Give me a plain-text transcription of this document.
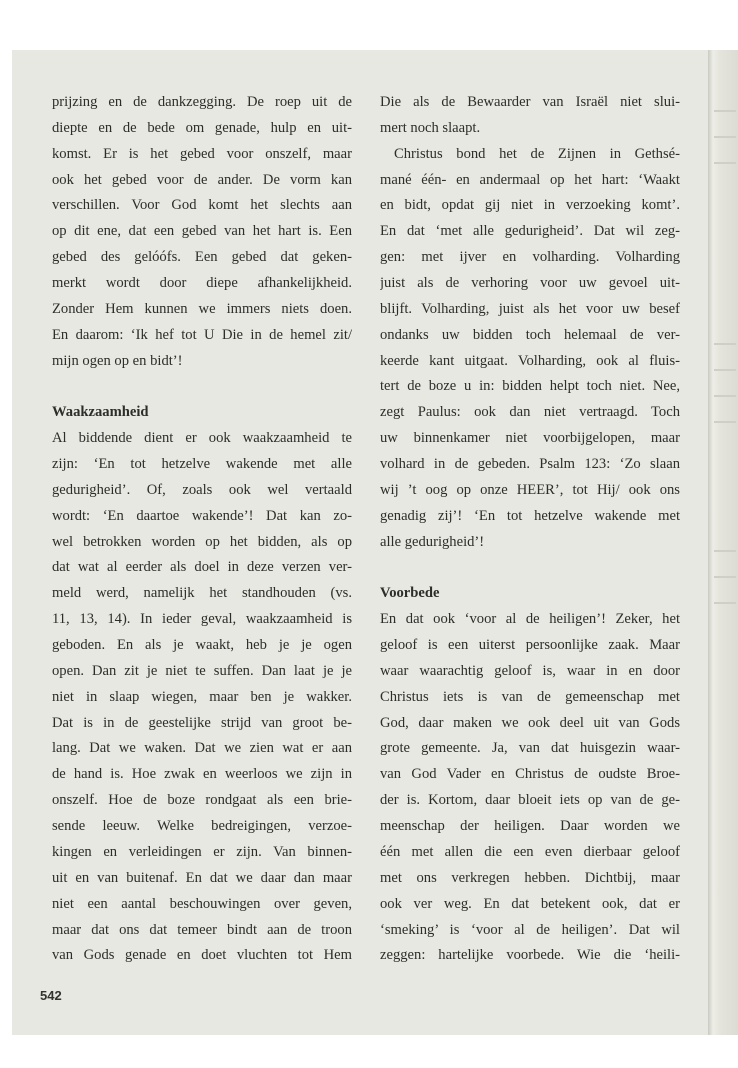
prijzing en de dankzegging. De roep uit de
diepte en de bede om genade, hulp en uit-
komst. Er is het gebed voor onszelf, maar
ook het gebed voor de ander. De vorm kan
verschillen. Voor God komt het slechts aan
op dit ene, dat een gebed van het hart is. Een
gebed des gelóófs. Een gebed dat geken-
merkt wordt door diepe afhankelijkheid.
Zonder Hem kunnen we immers niets doen.
En daarom: ‘Ik hef tot U Die in de hemel zit/
mijn ogen op en bidt’!
Waakzaamheid
Al biddende dient er ook waakzaamheid te
zijn: ‘En tot hetzelve wakende met alle
gedurigheid’. Of, zoals ook wel vertaald
wordt: ‘En daartoe wakende’! Dat kan zo-
wel betrokken worden op het bidden, als op
dat wat al eerder als doel in deze verzen ver-
meld werd, namelijk het standhouden (vs.
11, 13, 14). In ieder geval, waakzaamheid is
geboden. En als je waakt, heb je je ogen
open. Dan zit je niet te suffen. Dan laat je je
niet in slaap wiegen, maar ben je wakker.
Dat is in de geestelijke strijd van groot be-
lang. Dat we waken. Dat we zien wat er aan
de hand is. Hoe zwak en weerloos we zijn in
onszelf. Hoe de boze rondgaat als een brie-
sende leeuw. Welke bedreigingen, verzoe-
kingen en verleidingen er zijn. Van binnen-
uit en van buitenaf. En dat we daar dan maar
niet een aantal beschouwingen over geven,
maar dat ons dat temeer bindt aan de troon
van Gods genade en doet vluchten tot Hem
Die als de Bewaarder van Israël niet slui-
mert noch slaapt.
Christus bond het de Zijnen in Gethsé-
mané één- en andermaal op het hart: ‘Waakt
en bidt, opdat gij niet in verzoeking komt’.
En dat ‘met alle gedurigheid’. Dat wil zeg-
gen: met ijver en volharding. Volharding
juist als de verhoring voor uw gevoel uit-
blijft. Volharding, juist als het voor uw besef
ondanks uw bidden toch helemaal de ver-
keerde kant uitgaat. Volharding, ook al fluis-
tert de boze u in: bidden helpt toch niet. Nee,
zegt Paulus: ook dan niet vertraagd. Toch
uw binnenkamer niet voorbijgelopen, maar
volhard in de gebeden. Psalm 123: ‘Zo slaan
wij ’t oog op onze HEER’, tot Hij/ ook ons
genadig zij’! ‘En tot hetzelve wakende met
alle gedurigheid’!
Voorbede
En dat ook ‘voor al de heiligen’! Zeker, het
geloof is een uiterst persoonlijke zaak. Maar
waar waarachtig geloof is, waar in en door
Christus iets is van de gemeenschap met
God, daar maken we ook deel uit van Gods
grote gemeente. Ja, van dat huisgezin waar-
van God Vader en Christus de oudste Broe-
der is. Kortom, daar bloeit iets op van de ge-
meenschap der heiligen. Daar worden we
één met allen die een even dierbaar geloof
met ons verkregen hebben. Dichtbij, maar
ook ver weg. En dat betekent ook, dat er
‘smeking’ is ‘voor al de heiligen’. Dat wil
zeggen: hartelijke voorbede. Wie die ‘heili-
542
